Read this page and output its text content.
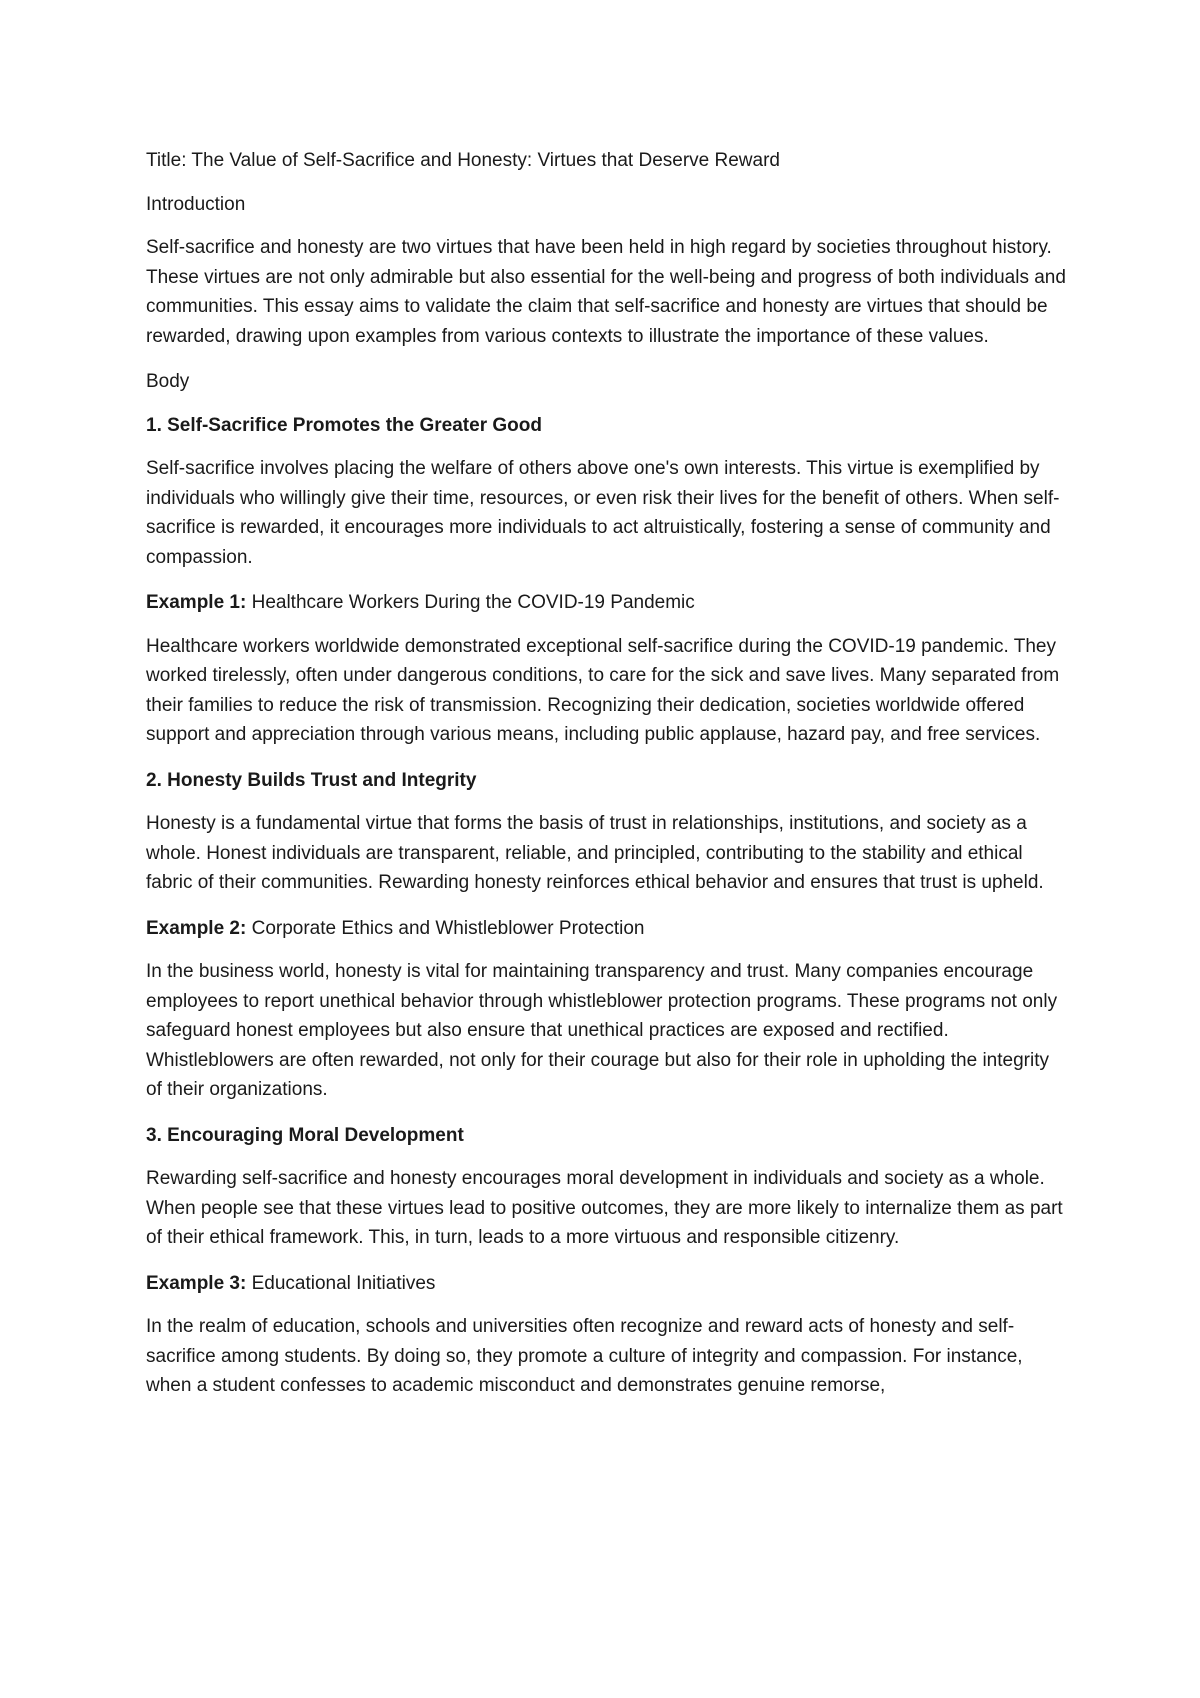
Title: The Value of Self-Sacrifice and Honesty: Virtues that Deserve Reward

Introduction

Self-sacrifice and honesty are two virtues that have been held in high regard by societies throughout history. These virtues are not only admirable but also essential for the well-being and progress of both individuals and communities. This essay aims to validate the claim that self-sacrifice and honesty are virtues that should be rewarded, drawing upon examples from various contexts to illustrate the importance of these values.

Body

1. Self-Sacrifice Promotes the Greater Good

Self-sacrifice involves placing the welfare of others above one's own interests. This virtue is exemplified by individuals who willingly give their time, resources, or even risk their lives for the benefit of others. When self-sacrifice is rewarded, it encourages more individuals to act altruistically, fostering a sense of community and compassion.

Example 1: Healthcare Workers During the COVID-19 Pandemic

Healthcare workers worldwide demonstrated exceptional self-sacrifice during the COVID-19 pandemic. They worked tirelessly, often under dangerous conditions, to care for the sick and save lives. Many separated from their families to reduce the risk of transmission. Recognizing their dedication, societies worldwide offered support and appreciation through various means, including public applause, hazard pay, and free services.

2. Honesty Builds Trust and Integrity

Honesty is a fundamental virtue that forms the basis of trust in relationships, institutions, and society as a whole. Honest individuals are transparent, reliable, and principled, contributing to the stability and ethical fabric of their communities. Rewarding honesty reinforces ethical behavior and ensures that trust is upheld.

Example 2: Corporate Ethics and Whistleblower Protection

In the business world, honesty is vital for maintaining transparency and trust. Many companies encourage employees to report unethical behavior through whistleblower protection programs. These programs not only safeguard honest employees but also ensure that unethical practices are exposed and rectified. Whistleblowers are often rewarded, not only for their courage but also for their role in upholding the integrity of their organizations.

3. Encouraging Moral Development

Rewarding self-sacrifice and honesty encourages moral development in individuals and society as a whole. When people see that these virtues lead to positive outcomes, they are more likely to internalize them as part of their ethical framework. This, in turn, leads to a more virtuous and responsible citizenry.

Example 3: Educational Initiatives

In the realm of education, schools and universities often recognize and reward acts of honesty and self-sacrifice among students. By doing so, they promote a culture of integrity and compassion. For instance, when a student confesses to academic misconduct and demonstrates genuine remorse,
